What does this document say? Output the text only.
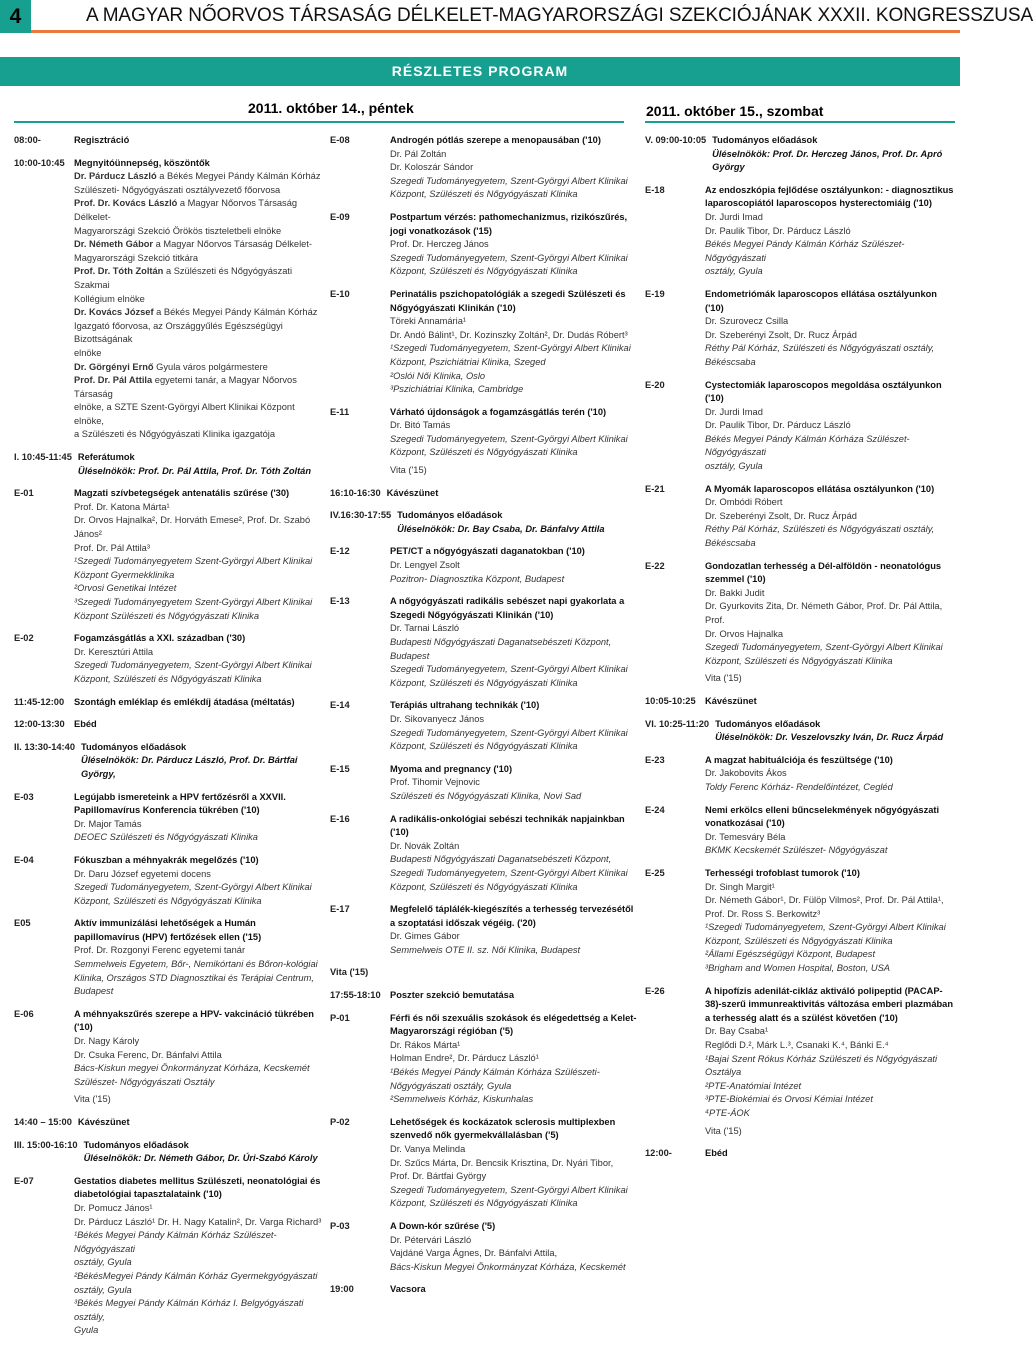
4	A MAGYAR NŐORVOS TÁRSASÁG DÉLKELET-MAGYARORSZÁGI SZEKCIÓJÁNAK XXXII. KONGRESSZUSA
RÉSZLETES PROGRAM
2011. október 14., péntek	2011. október 15., szombat
08:00-	Regisztráció
10:00-10:45	Megnyitóünnepség, köszöntők
Dr. Párducz László a Békés Megyei Pándy Kálmán Kórház
Szülészeti- Nőgyógyászati osztályvezető főorvosa
Prof. Dr. Kovács László a Magyar Nőorvos Társaság Délkelet-
Magyarországi Szekció Örökös tiszteletbeli elnöke
Dr. Németh Gábor a Magyar Nőorvos Társaság Délkelet-
Magyarországi Szekció titkára
Prof. Dr. Tóth Zoltán a Szülészeti és Nőgyógyászati Szakmai
Kollégium elnöke
Dr. Kovács József a Békés Megyei Pándy Kálmán Kórház
Igazgató főorvosa, az Országgyűlés Egészségügyi Bizottságának
elnöke
Dr. Görgényi Ernő Gyula város polgármestere
Prof. Dr. Pál Attila egyetemi tanár, a Magyar Nőorvos Társaság
elnöke, a SZTE Szent-Györgyi Albert Klinikai Központ elnöke,
a Szülészeti és Nőgyógyászati Klinika igazgatója
I. 10:45-11:45 Referátumok
Üléselnökök: Prof. Dr. Pál Attila, Prof. Dr. Tóth Zoltán
E-01	Magzati szívbetegségek antenatális szűrése ('30)
Prof. Dr. Katona Márta¹
Dr. Orvos Hajnalka², Dr. Horváth Emese², Prof. Dr. Szabó János²
Prof. Dr. Pál Attila³
¹Szegedi Tudományegyetem Szent-Györgyi Albert Klinikai
Központ Gyermekklinika
²Orvosi Genetikai Intézet
³Szegedi Tudományegyetem Szent-Györgyi Albert Klinikai
Központ Szülészeti és Nőgyógyászati Klinika
E-02	Fogamzásgátlás a XXI. században ('30)
Dr. Keresztúri Attila
Szegedi Tudományegyetem, Szent-Györgyi Albert Klinikai
Központ, Szülészeti és Nőgyógyászati Klinika
11:45-12:00	Szontágh emléklap és emlékdíj átadása (méltatás)
12:00-13:30	Ebéd
II. 13:30-14:40 Tudományos előadások
Üléselnökök: Dr. Párducz László, Prof. Dr. Bártfai György,
E-03	Legújabb ismereteink a HPV fertőzésről a XXVII. Papillomavírus Konferencia tükrében ('10)
Dr. Major Tamás
DEOEC Szülészeti és Nőgyógyászati Klinika
E-04	Fókuszban a méhnyakrák megelőzés ('10)
Dr. Daru József egyetemi docens
Szegedi Tudományegyetem, Szent-Györgyi Albert Klinikai
Központ, Szülészeti és Nőgyógyászati Klinika
E05	Aktív immunizálási lehetőségek a Humán papillomavírus (HPV) fertőzések ellen ('15)
Prof. Dr. Rozgonyi Ferenc egyetemi tanár
Semmelweis Egyetem, Bőr-, Nemikórtani és Bőron-kológiai
Klinika, Országos STD Diagnosztikai és Terápiai Centrum,
Budapest
E-06	A méhnyakszűrés szerepe a HPV- vakcináció tükrében ('10)
Dr. Nagy Károly
Dr. Csuka Ferenc, Dr. Bánfalvi Attila
Bács-Kiskun megyei Önkormányzat Kórháza, Kecskemét
Szülészet- Nőgyógyászati Osztály
Vita ('15)
14:40 – 15:00 Kávészünet
III. 15:00-16:10 Tudományos előadások
Üléselnökök: Dr. Németh Gábor, Dr. Úri-Szabó Károly
E-07	Gestatios diabetes mellitus Szülészeti, neonatológiai és diabetológiai tapasztalataink ('10)
Dr. Pomucz János¹
Dr. Párducz László¹ Dr. H. Nagy Katalin², Dr. Varga Richard³
¹Békés Megyei Pándy Kálmán Kórház Szülészet- Nőgyógyászati
osztály, Gyula
²BékésMegyei Pándy Kálmán Kórház Gyermekgyógyászati
osztály, Gyula
³Békés Megyei Pándy Kálmán Kórház I. Belgyógyászati osztály,
Gyula
E-08	Androgén pótlás szerepe a menopausában ('10)
Dr. Pál Zoltán
Dr. Koloszár Sándor
Szegedi Tudományegyetem, Szent-Györgyi Albert Klinikai
Központ, Szülészeti és Nőgyógyászati Klinika
E-09	Postpartum vérzés: pathomechanizmus, rizikószűrés, jogi vonatkozások ('15)
Prof. Dr. Herczeg János
Szegedi Tudományegyetem, Szent-Györgyi Albert Klinikai
Központ, Szülészeti és Nőgyógyászati Klinika
E-10	Perinatális pszichopatológiák a szegedi Szülészeti és Nőgyógyászati Klinikán ('10)
Töreki Annamária¹
Dr. Andó Bálint¹, Dr. Kozinszky Zoltán², Dr. Dudás Róbert³
¹Szegedi Tudományegyetem, Szent-Györgyi Albert Klinikai
Központ, Pszichiátriai Klinika, Szeged
²Oslói Női Klinika, Oslo
³Pszichiátriai Klinika, Cambridge
E-11	Várható újdonságok a fogamzásgátlás terén ('10)
Dr. Bitó Tamás
Szegedi Tudományegyetem, Szent-Györgyi Albert Klinikai
Központ, Szülészeti és Nőgyógyászati Klinika
Vita ('15)
16:10-16:30 Kávészünet
IV.16:30-17:55 Tudományos előadások
Üléselnökök: Dr. Bay Csaba, Dr. Bánfalvy Attila
E-12	PET/CT a nőgyógyászati daganatokban ('10)
Dr. Lengyel Zsolt
Pozitron- Diagnosztika Központ, Budapest
E-13	A nőgyógyászati radikális sebészet napi gyakorlata a Szegedi Nőgyógyászati Klinikán ('10)
Dr. Tarnai László
Budapesti Nőgyógyászati Daganatsebészeti Központ, Budapest
Szegedi Tudományegyetem, Szent-Györgyi Albert Klinikai
Központ, Szülészeti és Nőgyógyászati Klinika
E-14	Terápiás ultrahang technikák ('10)
Dr. Sikovanyecz János
Szegedi Tudományegyetem, Szent-Györgyi Albert Klinikai
Központ, Szülészeti és Nőgyógyászati Klinika
E-15	Myoma and pregnancy ('10)
Prof. Tihomir Vejnovic
Szülészeti és Nőgyógyászati Klinika, Novi Sad
E-16	A radikális-onkológiai sebészi technikák napjainkban ('10)
Dr. Novák Zoltán
Budapesti Nőgyógyászati Daganatsebészeti Központ,
Szegedi Tudományegyetem, Szent-Györgyi Albert Klinikai
Központ, Szülészeti és Nőgyógyászati Klinika
E-17	Megfelelő táplálék-kiegészítés a terhesség tervezésétől a szoptatási időszak végéig. ('20)
Dr. Gimes Gábor
Semmelweis OTE II. sz. Női Klinika, Budapest
Vita ('15)
17:55-18:10	Poszter szekció bemutatása
P-01	Férfi és női szexuális szokások és elégedettség a Kelet-Magyarországi régióban ('5)
Dr. Rákos Márta¹
Holman Endre², Dr. Párducz László¹
¹Békés Megyei Pándy Kálmán Kórháza Szülészeti-
Nőgyógyászati osztály, Gyula
²Semmelweis Kórház, Kiskunhalas
P-02	Lehetőségek és kockázatok sclerosis multiplexben szenvedő nők gyermekvállalásban ('5)
Dr. Vanya Melinda
Dr. Szűcs Márta, Dr. Bencsik Krisztina, Dr. Nyári Tibor,
Prof. Dr. Bártfai György
Szegedi Tudományegyetem, Szent-Györgyi Albert Klinikai
Központ, Szülészeti és Nőgyógyászati Klinika
P-03	A Down-kór szűrése ('5)
Dr. Pétervári László
Vajdáné Varga Ágnes, Dr. Bánfalvi Attila,
Bács-Kiskun Megyei Önkormányzat Kórháza, Kecskemét
19:00	Vacsora
V. 09:00-10:05 Tudományos előadások
Üléselnökök: Prof. Dr. Herczeg János, Prof. Dr. Apró György
E-18	Az endoszkópia fejlődése osztályunkon: - diagnosztikus laparoscopiától laparoscopos hysterectomiáig ('10)
Dr. Jurdi Imad
Dr. Paulik Tibor, Dr. Párducz László
Békés Megyei Pándy Kálmán Kórház Szülészet- Nőgyógyászati
osztály, Gyula
E-19	Endometriómák laparoscopos ellátása osztályunkon ('10)
Dr. Szurovecz Csilla
Dr. Szeberényi Zsolt, Dr. Rucz Árpád
Réthy Pál Kórház, Szülészeti és Nőgyógyászati osztály,
Békéscsaba
E-20	Cystectomiák laparoscopos megoldása osztályunkon ('10)
Dr. Jurdi Imad
Dr. Paulik Tibor, Dr. Párducz László
Békés Megyei Pándy Kálmán Kórháza Szülészet- Nőgyógyászati
osztály, Gyula
E-21	A Myomák laparoscopos ellátása osztályunkon ('10)
Dr. Ombódi Róbert
Dr. Szeberényi Zsolt, Dr. Rucz Árpád
Réthy Pál Kórház, Szülészeti és Nőgyógyászati osztály,
Békéscsaba
E-22	Gondozatlan terhesség a Dél-alföldön - neonatológus szemmel ('10)
Dr. Bakki Judit
Dr. Gyurkovits Zita, Dr. Németh Gábor, Prof. Dr. Pál Attila, Prof.
Dr. Orvos Hajnalka
Szegedi Tudományegyetem, Szent-Györgyi Albert Klinikai
Központ, Szülészeti és Nőgyógyászati Klinika
Vita ('15)
10:05-10:25	Kávészünet
VI. 10:25-11:20 Tudományos előadások
Üléselnökök: Dr. Veszelovszky Iván, Dr. Rucz Árpád
E-23	A magzat habituálciója és feszültsége ('10)
Dr. Jakobovits Ákos
Toldy Ferenc Kórház- Rendelőintézet, Cegléd
E-24	Nemi erkölcs elleni bűncselekmények nőgyógyászati vonatkozásai ('10)
Dr. Temesváry Béla
BKMK Kecskemét Szülészet- Nőgyógyászat
E-25	Terhességi trofoblast tumorok ('10)
Dr. Singh Margit¹
Dr. Németh Gábor¹, Dr. Fülöp Vilmos², Prof. Dr. Pál Attila¹,
Prof. Dr. Ross S. Berkowitz³
¹Szegedi Tudományegyetem, Szent-Györgyi Albert Klinikai
Központ, Szülészeti és Nőgyógyászati Klinika
²Állami Egészségügyi Központ, Budapest
³Brigham and Women Hospital, Boston, USA
E-26	A hipofízis adenilát-cikláz aktiváló polipeptid (PACAP-38)-szerű immunreaktivitás változása emberi plazmában a terhesség alatt és a szülést követően ('10)
Dr. Bay Csaba¹
Reglődi D.², Márk L.³, Csanaki K.⁴, Bánki E.⁴
¹Bajai Szent Rókus Kórház Szülészeti és Nőgyógyászati
Osztálya
²PTE-Anatómiai Intézet
³PTE-Biokémiai és Orvosi Kémiai Intézet
⁴PTE-ÁOK
Vita ('15)
12:00-	Ebéd
